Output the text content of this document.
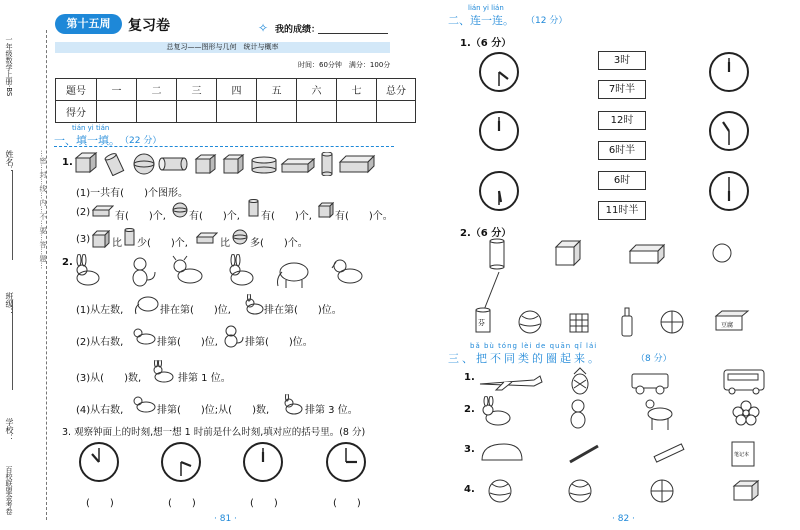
一年级数学上册·BS
姓名：
班级：
学校：
百校联盟金考卷
…密…封…线…内…不…要…答…题…
第十五周	复习卷	✧ 我的成绩：
总复习——图形与几何　统计与概率
时间：60分钟　满分：100分
题号	一	二	三	四	五	六	七	总分
得分								
tián yi tián
一、填一填。 （22 分）
1.
(1)一共有(　　)个图形。
(2) 有(　　)个, 有(　　)个, 有(　　)个, 有(　　)个。
(3) 比 少(　　)个,	比 多(　　)个。
2.
(1)从左数,	排在第(　　)位,	排在第(　　)位。
(2)从右数,	排第(　　)位,	排第(　　)位。
(3)从(　　)数,	排第 1 位。
(4)从右数,	排第(　　)位;从(　　)数,	排第 3 位。
3. 观察钟面上的时刻,想一想 1 时前是什么时刻,填对应的括号里。(8 分)
(　　)	(　　)	(　　)	(　　)
· 81 ·
lián yi lián
二、连一连。 （12 分）
1.（6 分）
3时
7时半
12时
6时半
6时
11时半
2.（6 分）
芬	豆腐
bǎ bù tóng lèi de quān qǐ lái
三、把不同类的圈起来。	（8 分）
1.
2.
3.	笔记本
4.
· 82 ·
